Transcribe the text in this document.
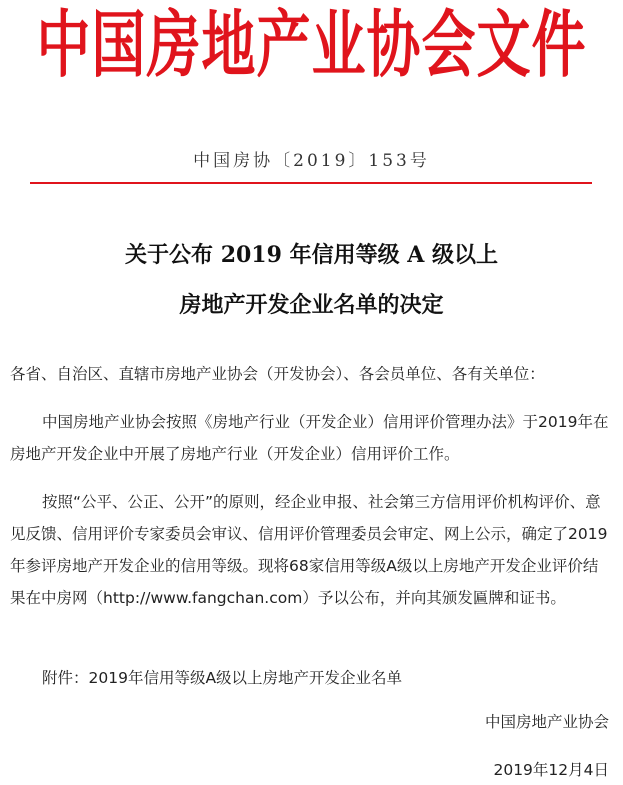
中国房地产业协会文件
中国房协〔2019〕153号
关于公布 2019 年信用等级 A 级以上
房地产开发企业名单的决定

各省、自治区、直辖市房地产业协会（开发协会）、各会员单位、各有关单位：

中国房地产业协会按照《房地产行业（开发企业）信用评价管理办法》于2019年在房地产开发企业中开展了房地产行业（开发企业）信用评价工作。

按照“公平、公正、公开”的原则，经企业申报、社会第三方信用评价机构评价、意见反馈、信用评价专家委员会审议、信用评价管理委员会审定、网上公示，确定了2019年参评房地产开发企业的信用等级。现将68家信用等级A级以上房地产开发企业评价结果在中房网（http://www.fangchan.com）予以公布，并向其颁发匾牌和证书。

附件：2019年信用等级A级以上房地产开发企业名单

中国房地产业协会
2019年12月4日
